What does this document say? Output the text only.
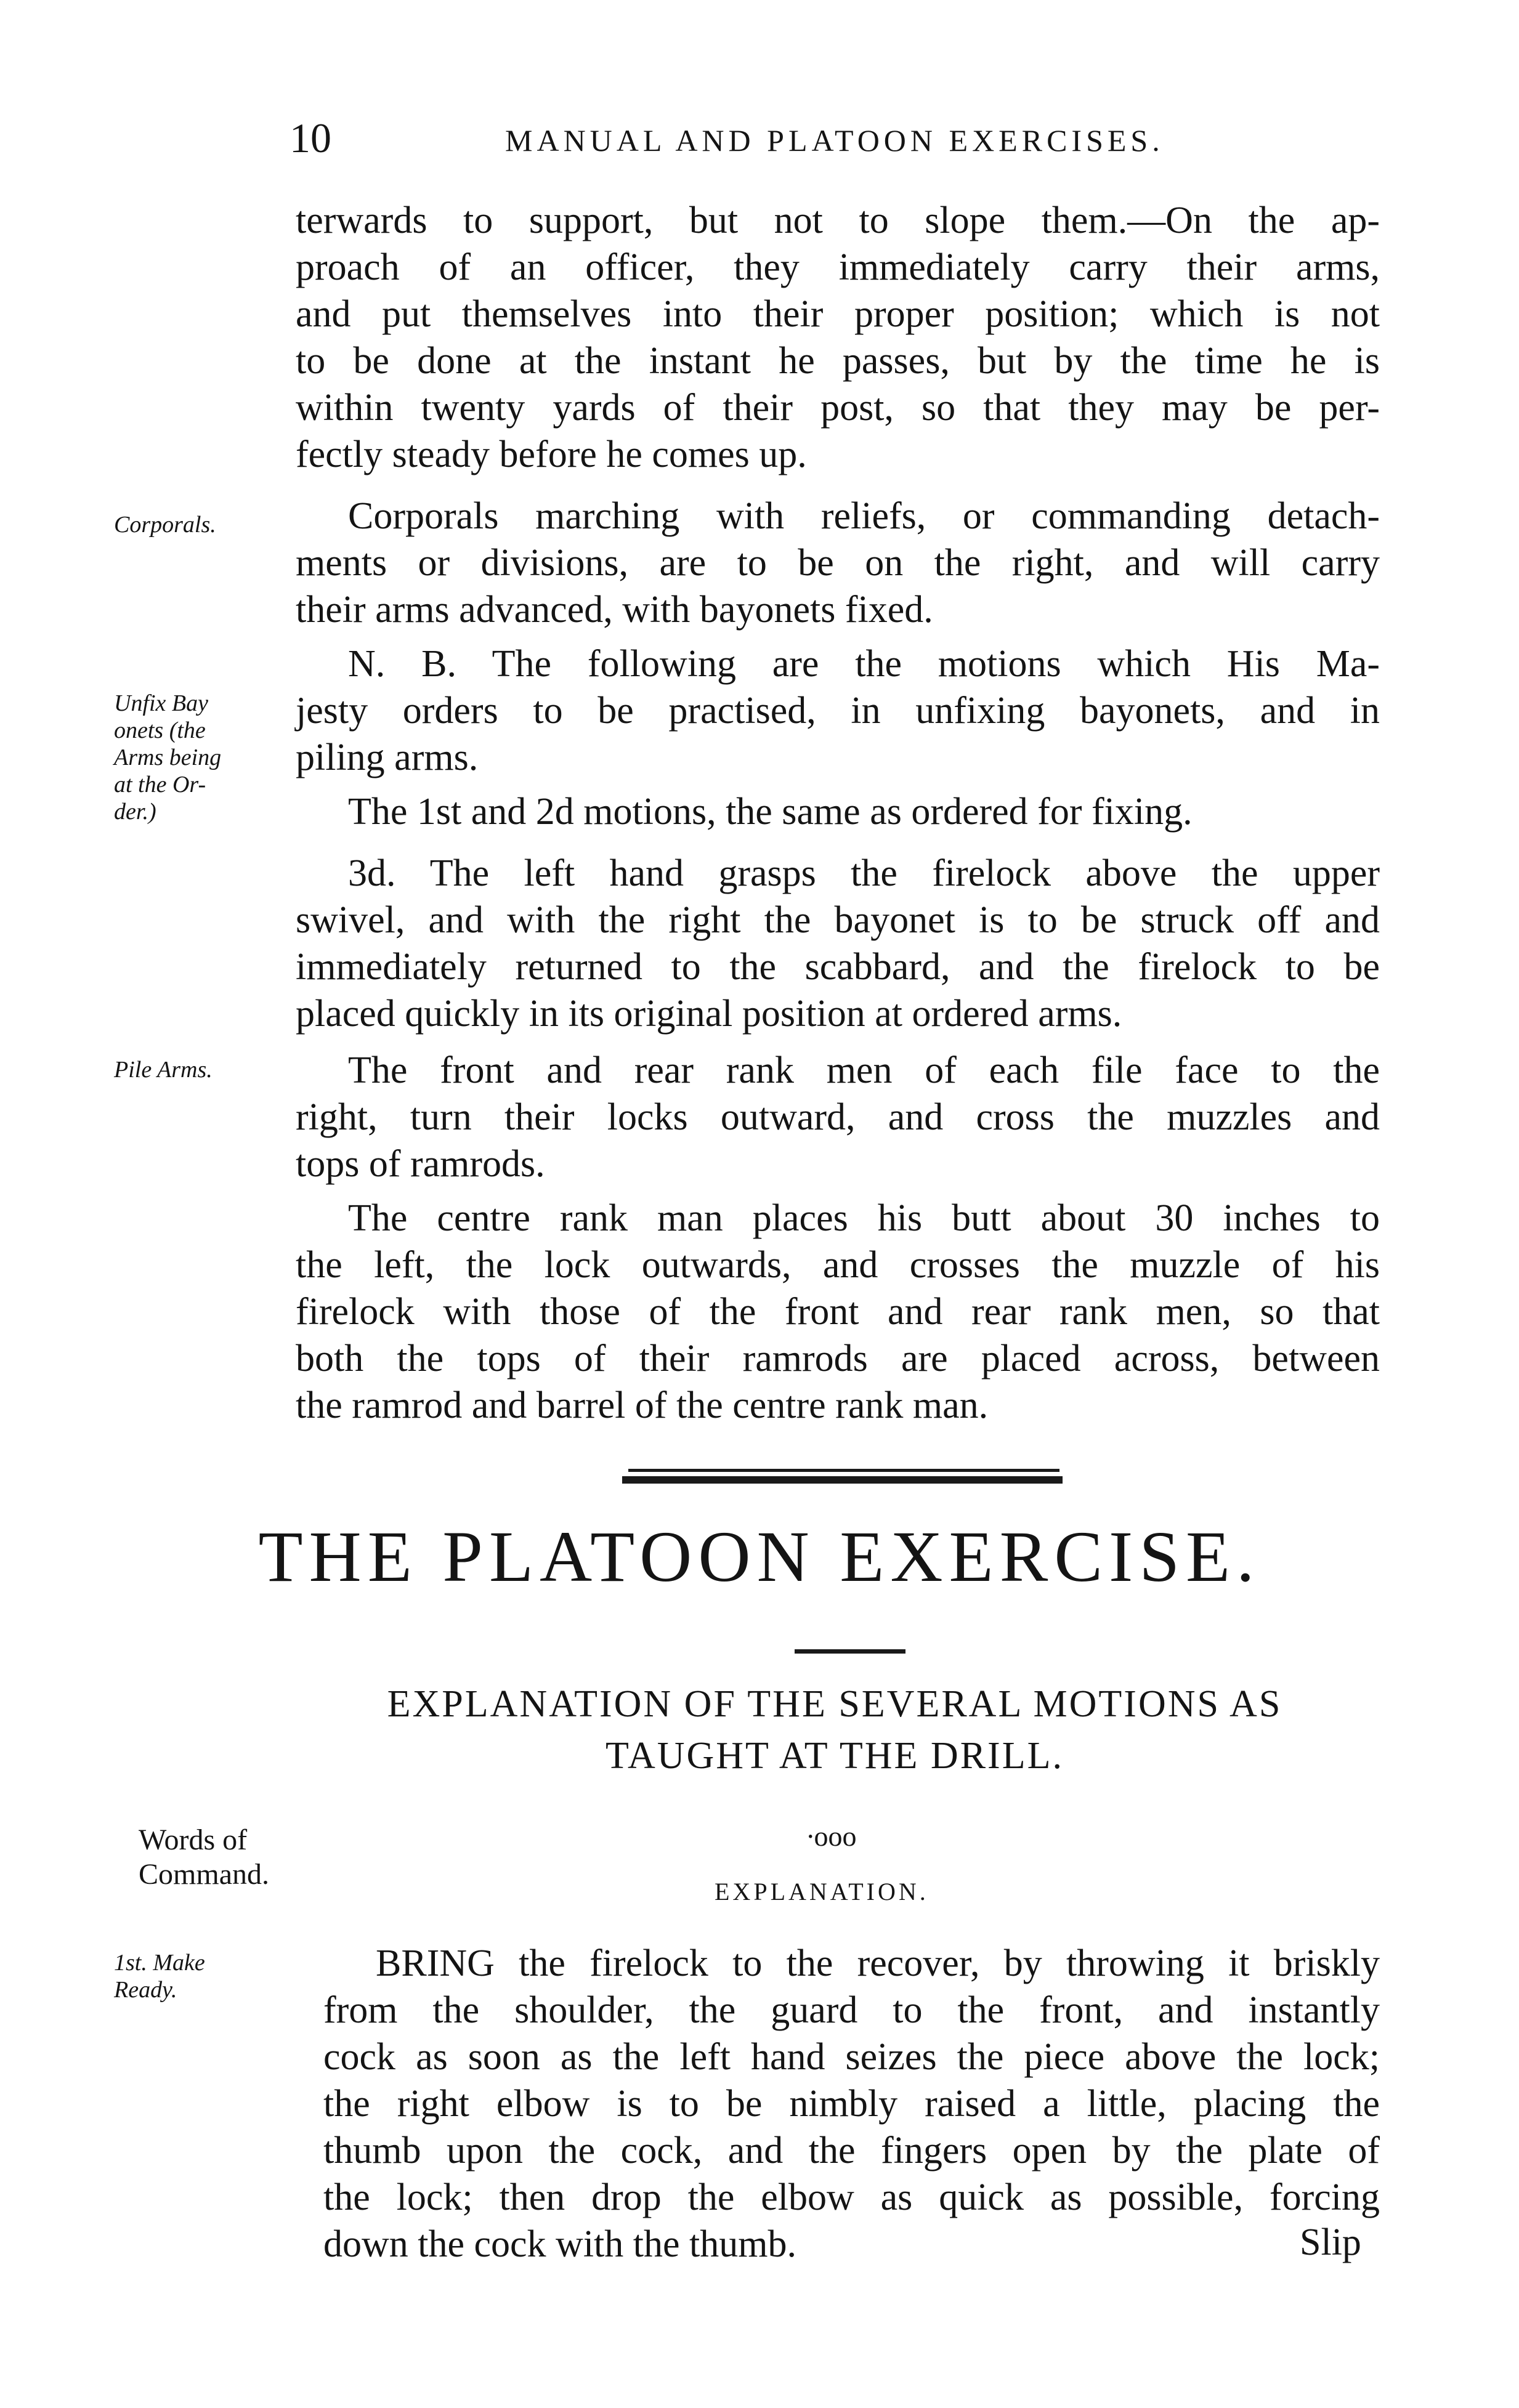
10	MANUAL AND PLATOON EXERCISES.
terwards to support, but not to slope them.—On the ap-
proach of an officer, they immediately carry their arms,
and put themselves into their proper position; which is not
to be done at the instant he passes, but by the time he is
within twenty yards of their post, so that they may be per-
fectly steady before he comes up.
Corporals.	Corporals marching with reliefs, or commanding detach-
ments or divisions, are to be on the right, and will carry
their arms advanced, with bayonets fixed.
N. B. The following are the motions which His Ma-
jesty orders to be practised, in unfixing bayonets, and in
piling arms.
Unfix Bay
onets (the
Arms being
at the Or-
der.)	The 1st and 2d motions, the same as ordered for fixing.
3d. The left hand grasps the firelock above the upper
swivel, and with the right the bayonet is to be struck off and
immediately returned to the scabbard, and the firelock to be
placed quickly in its original position at ordered arms.
Pile Arms.	The front and rear rank men of each file face to the
right, turn their locks outward, and cross the muzzles and
tops of ramrods.
The centre rank man places his butt about 30 inches to
the left, the lock outwards, and crosses the muzzle of his
firelock with those of the front and rear rank men, so that
both the tops of their ramrods are placed across, between
the ramrod and barrel of the centre rank man.
THE PLATOON EXERCISE.
EXPLANATION OF THE SEVERAL MOTIONS AS
TAUGHT AT THE DRILL.
∙ooo
Words of
Command.
EXPLANATION.
1st. Make
Ready.
BRING the firelock to the recover, by throwing it briskly
from the shoulder, the guard to the front, and instantly
cock as soon as the left hand seizes the piece above the lock;
the right elbow is to be nimbly raised a little, placing the
thumb upon the cock, and the fingers open by the plate of
the lock; then drop the elbow as quick as possible, forcing
down the cock with the thumb.	Slip
